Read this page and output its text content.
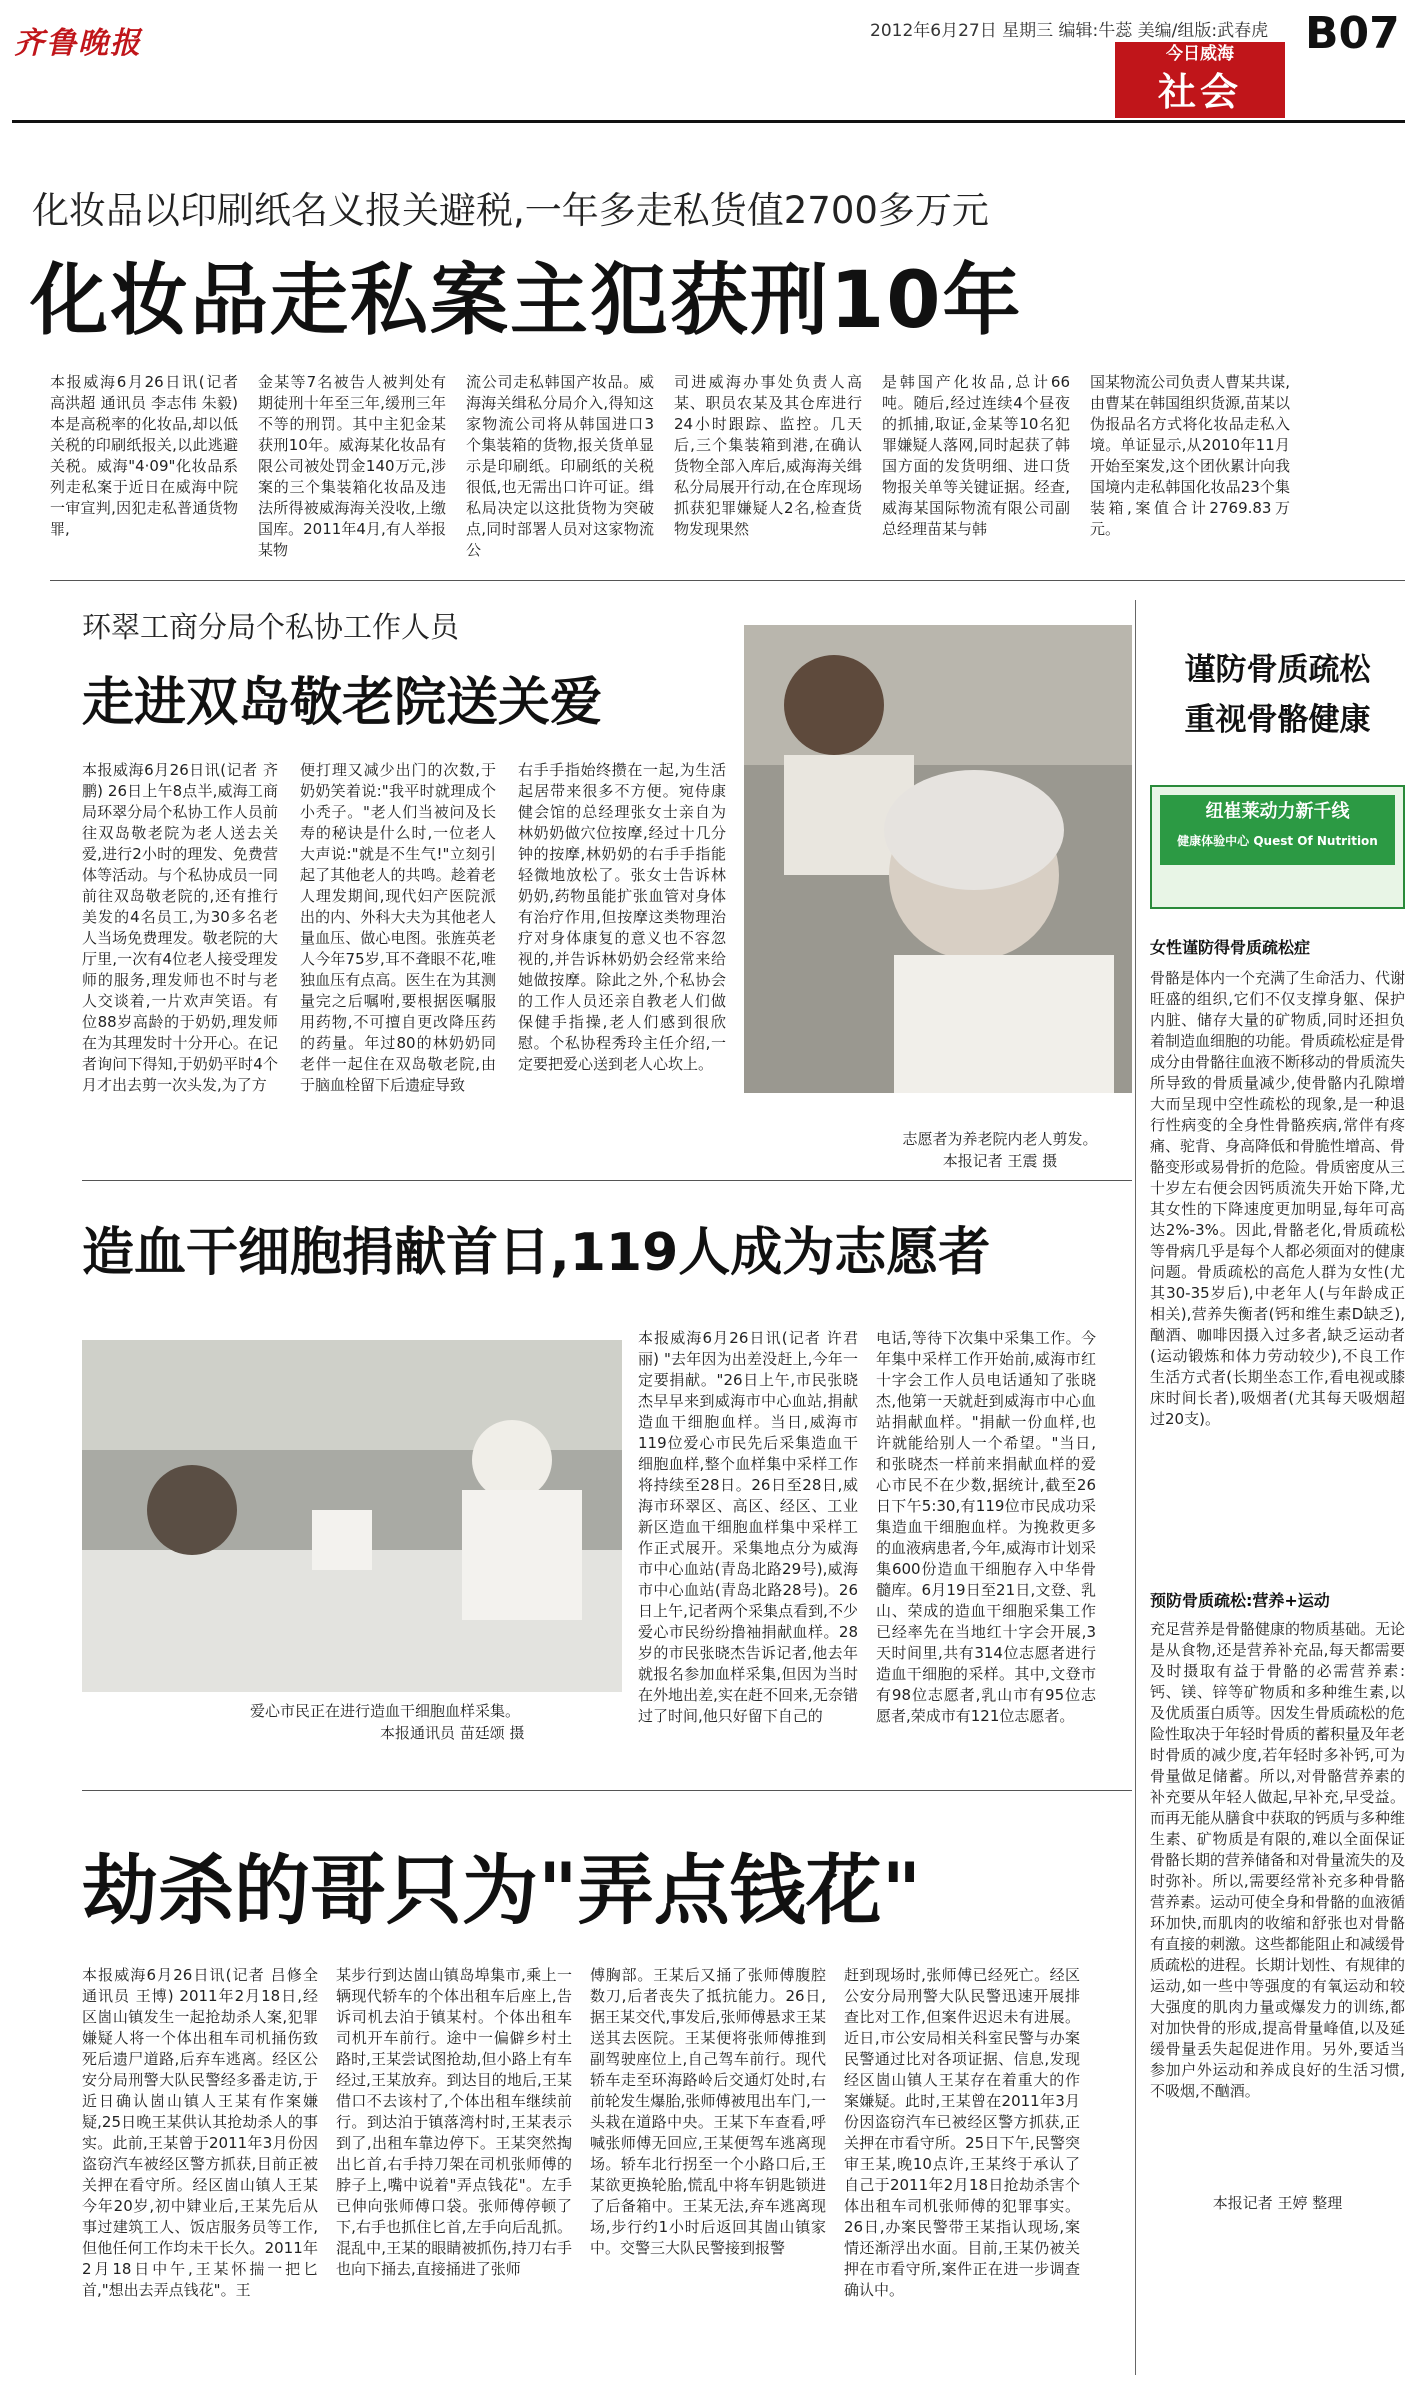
齐鲁晚报	2012年6月27日 星期三 编辑:牛蕊 美编/组版:武春虎
今日威海
社会
B07
化妆品以印刷纸名义报关避税,一年多走私货值2700多万元
化妆品走私案主犯获刑10年
本报威海6月26日讯(记者 高洪超 通讯员 李志伟 朱毅) 本是高税率的化妆品,却以低关税的印刷纸报关,以此逃避关税。威海"4·09"化妆品系列走私案于近日在威海中院一审宣判,因犯走私普通货物罪,
金某等7名被告人被判处有期徒刑十年至三年,缓刑三年不等的刑罚。其中主犯金某获刑10年。威海某化妆品有限公司被处罚金140万元,涉案的三个集装箱化妆品及违法所得被威海海关没收,上缴国库。2011年4月,有人举报某物
流公司走私韩国产妆品。威海海关缉私分局介入,得知这家物流公司将从韩国进口3个集装箱的货物,报关货单显示是印刷纸。印刷纸的关税很低,也无需出口许可证。缉私局决定以这批货物为突破点,同时部署人员对这家物流公
司进威海办事处负责人高某、职员农某及其仓库进行24小时跟踪、监控。几天后,三个集装箱到港,在确认货物全部入库后,威海海关缉私分局展开行动,在仓库现场抓获犯罪嫌疑人2名,检查货物发现果然
是韩国产化妆品,总计66吨。随后,经过连续4个昼夜的抓捕,取证,金某等10名犯罪嫌疑人落网,同时起获了韩国方面的发货明细、进口货物报关单等关键证据。经查,威海某国际物流有限公司副总经理苗某与韩
国某物流公司负责人曹某共谋,由曹某在韩国组织货源,苗某以伪报品名方式将化妆品走私入境。单证显示,从2010年11月开始至案发,这个团伙累计向我国境内走私韩国化妆品23个集装箱,案值合计2769.83万元。
环翠工商分局个私协工作人员
走进双岛敬老院送关爱
本报威海6月26日讯(记者 齐鹏) 26日上午8点半,威海工商局环翠分局个私协工作人员前往双岛敬老院为老人送去关爱,进行2小时的理发、免费营体等活动。与个私协成员一同前往双岛敬老院的,还有推行美发的4名员工,为30多名老人当场免费理发。敬老院的大厅里,一次有4位老人接受理发师的服务,理发师也不时与老人交谈着,一片欢声笑语。有位88岁高龄的于奶奶,理发师在为其理发时十分开心。在记者询问下得知,于奶奶平时4个月才出去剪一次头发,为了方
便打理又减少出门的次数,于奶奶笑着说:"我平时就理成个小秃子。"老人们当被问及长寿的秘诀是什么时,一位老人大声说:"就是不生气!"立刻引起了其他老人的共鸣。趁着老人理发期间,现代妇产医院派出的内、外科大夫为其他老人量血压、做心电图。张旌英老人今年75岁,耳不聋眼不花,唯独血压有点高。医生在为其测量完之后嘱咐,要根据医嘱服用药物,不可擅自更改降压药的药量。年过80的林奶奶同老伴一起住在双岛敬老院,由于脑血栓留下后遗症导致
右手手指始终攒在一起,为生活起居带来很多不方便。宛侍康健会馆的总经理张女士亲自为林奶奶做穴位按摩,经过十几分钟的按摩,林奶奶的右手手指能轻微地放松了。张女士告诉林奶奶,药物虽能扩张血管对身体有治疗作用,但按摩这类物理治疗对身体康复的意义也不容忽视的,并告诉林奶奶会经常来给她做按摩。除此之外,个私协会的工作人员还亲自教老人们做保健手指操,老人们感到很欣慰。个私协程秀玲主任介绍,一定要把爱心送到老人心坎上。
志愿者为养老院内老人剪发。
本报记者 王震 摄
造血干细胞捐献首日,119人成为志愿者
爱心市民正在进行造血干细胞血样采集。
本报通讯员 苗廷颂 摄
本报威海6月26日讯(记者 许君丽) "去年因为出差没赶上,今年一定要捐献。"26日上午,市民张晓杰早早来到威海市中心血站,捐献造血干细胞血样。当日,威海市119位爱心市民先后采集造血干细胞血样,整个血样集中采样工作将持续至28日。26日至28日,威海市环翠区、高区、经区、工业新区造血干细胞血样集中采样工作正式展开。采集地点分为威海市中心血站(青岛北路29号),威海市中心血站(青岛北路28号)。26日上午,记者两个采集点看到,不少爱心市民纷纷撸袖捐献血样。28岁的市民张晓杰告诉记者,他去年就报名参加血样采集,但因为当时在外地出差,实在赶不回来,无奈错过了时间,他只好留下自己的
电话,等待下次集中采集工作。今年集中采样工作开始前,威海市红十字会工作人员电话通知了张晓杰,他第一天就赶到威海市中心血站捐献血样。"捐献一份血样,也许就能给别人一个希望。"当日,和张晓杰一样前来捐献血样的爱心市民不在少数,据统计,截至26日下午5:30,有119位市民成功采集造血干细胞血样。为挽救更多的血液病患者,今年,威海市计划采集600份造血干细胞存入中华骨髓库。6月19日至21日,文登、乳山、荣成的造血干细胞采集工作已经率先在当地红十字会开展,3天时间里,共有314位志愿者进行造血干细胞的采样。其中,文登市有98位志愿者,乳山市有95位志愿者,荣成市有121位志愿者。
劫杀的哥只为"弄点钱花"
本报威海6月26日讯(记者 吕修全 通讯员 王博) 2011年2月18日,经区崮山镇发生一起抢劫杀人案,犯罪嫌疑人将一个体出租车司机捅伤致死后遗尸道路,后弃车逃离。经区公安分局刑警大队民警经多番走访,于近日确认崮山镇人王某有作案嫌疑,25日晚王某供认其抢劫杀人的事实。此前,王某曾于2011年3月份因盗窃汽车被经区警方抓获,目前正被关押在看守所。经区崮山镇人王某今年20岁,初中肄业后,王某先后从事过建筑工人、饭店服务员等工作,但他任何工作均未干长久。2011年2月18日中午,王某怀揣一把匕首,"想出去弄点钱花"。王
某步行到达崮山镇岛埠集市,乘上一辆现代轿车的个体出租车后座上,告诉司机去泊于镇某村。个体出租车司机开车前行。途中一偏僻乡村土路时,王某尝试图抢劫,但小路上有车经过,王某放弃。到达目的地后,王某借口不去该村了,个体出租车继续前行。到达泊于镇落湾村时,王某表示到了,出租车靠边停下。王某突然掏出匕首,右手持刀架在司机张师傅的脖子上,嘴中说着"弄点钱花"。左手已伸向张师傅口袋。张师傅停顿了下,右手也抓住匕首,左手向后乱抓。混乱中,王某的眼睛被抓伤,持刀右手也向下捅去,直接捅进了张师
傅胸部。王某后又捅了张师傅腹腔数刀,后者丧失了抵抗能力。26日,据王某交代,事发后,张师傅悬求王某送其去医院。王某便将张师傅推到副驾驶座位上,自己驾车前行。现代轿车走至环海路岭后交通灯处时,右前轮发生爆胎,张师傅被甩出车门,一头栽在道路中央。王某下车查看,呼喊张师傅无回应,王某便驾车逃离现场。轿车北行拐至一个小路口后,王某欲更换轮胎,慌乱中将车钥匙锁进了后备箱中。王某无法,弃车逃离现场,步行约1小时后返回其崮山镇家中。交警三大队民警接到报警
赶到现场时,张师傅已经死亡。经区公安分局刑警大队民警迅速开展排查比对工作,但案件迟迟未有进展。近日,市公安局相关科室民警与办案民警通过比对各项证据、信息,发现经区崮山镇人王某存在着重大的作案嫌疑。此时,王某曾在2011年3月份因盗窃汽车已被经区警方抓获,正关押在市看守所。25日下午,民警突审王某,晚10点许,王某终于承认了自己于2011年2月18日抢劫杀害个体出租车司机张师傅的犯罪事实。26日,办案民警带王某指认现场,案情还渐浮出水面。目前,王某仍被关押在市看守所,案件正在进一步调查确认中。
谨防骨质疏松
重视骨骼健康
纽崔莱动力新千线
健康体验中心 Quest Of Nutrition
女性谨防得骨质疏松症
骨骼是体内一个充满了生命活力、代谢旺盛的组织,它们不仅支撑身躯、保护内脏、储存大量的矿物质,同时还担负着制造血细胞的功能。骨质疏松症是骨成分由骨骼往血液不断移动的骨质流失所导致的骨质量减少,使骨骼内孔隙增大而呈现中空性疏松的现象,是一种退行性病变的全身性骨骼疾病,常伴有疼痛、驼背、身高降低和骨脆性增高、骨骼变形或易骨折的危险。骨质密度从三十岁左右便会因钙质流失开始下降,尤其女性的下降速度更加明显,每年可高达2%-3%。因此,骨骼老化,骨质疏松等骨病几乎是每个人都必须面对的健康问题。骨质疏松的高危人群为女性(尤其30-35岁后),中老年人(与年龄成正相关),营养失衡者(钙和维生素D缺乏),酗酒、咖啡因摄入过多者,缺乏运动者(运动锻炼和体力劳动较少),不良工作生活方式者(长期坐态工作,看电视或膝床时间长者),吸烟者(尤其每天吸烟超过20支)。
预防骨质疏松:营养+运动
充足营养是骨骼健康的物质基础。无论是从食物,还是营养补充品,每天都需要及时摄取有益于骨骼的必需营养素:钙、镁、锌等矿物质和多种维生素,以及优质蛋白质等。因发生骨质疏松的危险性取决于年轻时骨质的蓄积量及年老时骨质的减少度,若年轻时多补钙,可为骨量做足储蓄。所以,对骨骼营养素的补充要从年轻人做起,早补充,早受益。而再无能从膳食中获取的钙质与多种维生素、矿物质是有限的,难以全面保证骨骼长期的营养储备和对骨量流失的及时弥补。所以,需要经常补充多种骨骼营养素。运动可使全身和骨骼的血液循环加快,而肌肉的收缩和舒张也对骨骼有直接的刺激。这些都能阻止和减缓骨质疏松的进程。长期计划性、有规律的运动,如一些中等强度的有氧运动和较大强度的肌肉力量或爆发力的训练,都对加快骨的形成,提高骨量峰值,以及延缓骨量丢失起促进作用。另外,要适当参加户外运动和养成良好的生活习惯,不吸烟,不酗酒。
本报记者 王婷 整理
